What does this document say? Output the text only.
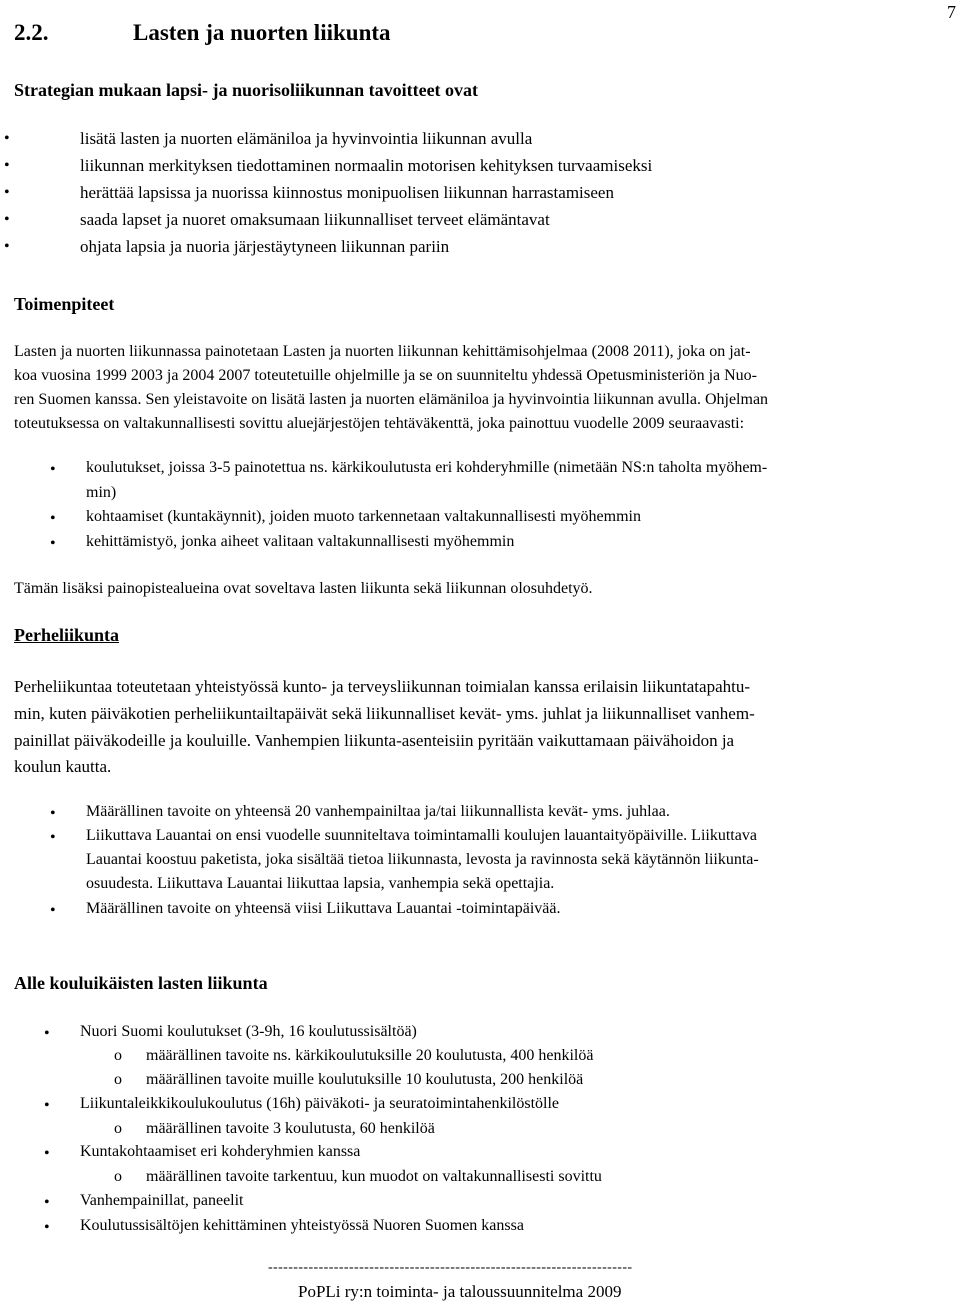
7
2.2.	Lasten ja nuorten liikunta
Strategian mukaan lapsi- ja nuorisoliikunnan tavoitteet ovat
•
lisätä lasten ja nuorten elämäniloa ja hyvinvointia liikunnan avulla
•
liikunnan merkityksen tiedottaminen normaalin motorisen kehityksen turvaamiseksi
•
herättää lapsissa ja nuorissa kiinnostus monipuolisen liikunnan harrastamiseen
•
saada lapset ja nuoret omaksumaan liikunnalliset terveet elämäntavat
•
ohjata lapsia ja nuoria järjestäytyneen liikunnan pariin
Toimenpiteet
Lasten ja nuorten liikunnassa painotetaan Lasten ja nuorten liikunnan kehittämisohjelmaa (2008 2011), joka on jat-
koa vuosina 1999 2003 ja 2004 2007 toteutetuille ohjelmille ja se on suunniteltu yhdessä Opetusministeriön ja Nuo-
ren Suomen kanssa. Sen yleistavoite on lisätä lasten ja nuorten elämäniloa ja hyvinvointia liikunnan avulla. Ohjelman
toteutuksessa on valtakunnallisesti sovittu aluejärjestöjen tehtäväkenttä, joka painottuu vuodelle 2009 seuraavasti:
•
koulutukset, joissa 3-5 painotettua ns. kärkikoulutusta eri kohderyhmille (nimetään NS:n taholta myöhem-
min)
•
kohtaamiset (kuntakäynnit), joiden muoto tarkennetaan valtakunnallisesti myöhemmin
•
kehittämistyö, jonka aiheet valitaan valtakunnallisesti myöhemmin
Tämän lisäksi painopistealueina ovat soveltava lasten liikunta sekä liikunnan olosuhdetyö.
Perheliikunta
Perheliikuntaa toteutetaan yhteistyössä kunto- ja terveysliikunnan toimialan kanssa erilaisin liikuntatapahtu-
min, kuten päiväkotien perheliikuntailtapäivät sekä liikunnalliset kevät- yms. juhlat ja liikunnalliset vanhem-
painillat päiväkodeille ja kouluille. Vanhempien liikunta-asenteisiin pyritään vaikuttamaan päivähoidon ja
koulun kautta.
•
Määrällinen tavoite on yhteensä 20 vanhempainiltaa ja/tai liikunnallista kevät- yms. juhlaa.
•
Liikuttava Lauantai on ensi vuodelle suunniteltava toimintamalli koulujen lauantaityöpäiville. Liikuttava
Lauantai koostuu paketista, joka sisältää tietoa liikunnasta, levosta ja ravinnosta sekä käytännön liikunta-
osuudesta. Liikuttava Lauantai liikuttaa lapsia, vanhempia sekä opettajia.
•
Määrällinen tavoite on yhteensä viisi Liikuttava Lauantai -toimintapäivää.
Alle kouluikäisten lasten liikunta
•
Nuori Suomi koulutukset (3-9h, 16 koulutussisältöä)
o
määrällinen tavoite ns. kärkikoulutuksille 20 koulutusta, 400 henkilöä
o
määrällinen tavoite muille koulutuksille 10 koulutusta, 200 henkilöä
•
Liikuntaleikkikoulukoulutus (16h) päiväkoti- ja seuratoimintahenkilöstölle
o
määrällinen tavoite 3 koulutusta, 60 henkilöä
•
Kuntakohtaamiset eri kohderyhmien kanssa
o
määrällinen tavoite tarkentuu, kun muodot on valtakunnallisesti sovittu
•
Vanhempainillat, paneelit
•
Koulutussisältöjen kehittäminen yhteistyössä Nuoren Suomen kanssa
------------------------------------------------------------------------
PoPLi ry:n toiminta- ja taloussuunnitelma 2009
